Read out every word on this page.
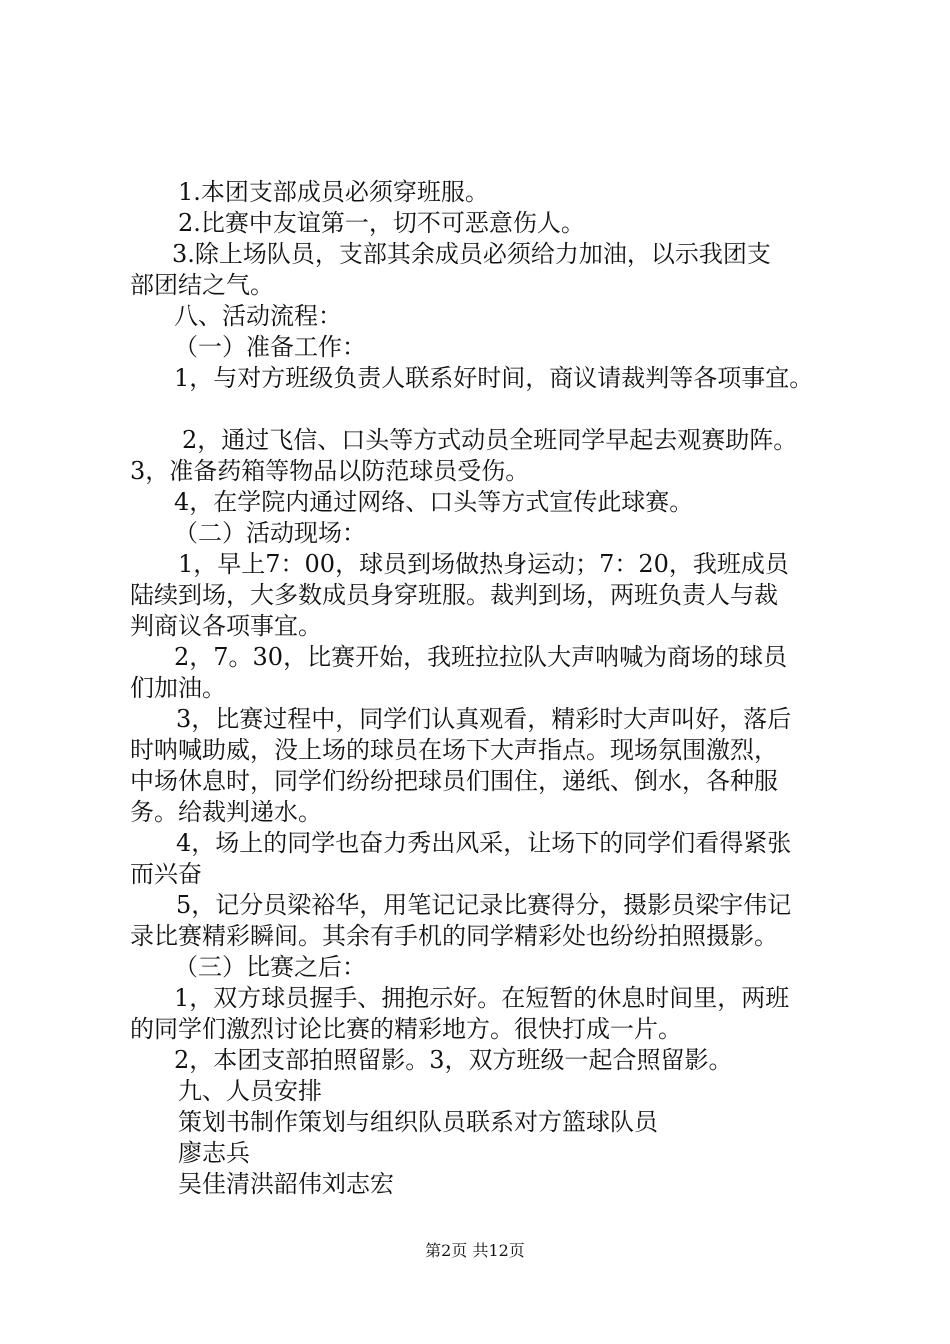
1.本团支部成员必须穿班服。
2.比赛中友谊第一，切不可恶意伤人。
3.除上场队员，支部其余成员必须给力加油，以示我团支
部团结之气。
八、活动流程：
（一）准备工作：
1，与对方班级负责人联系好时间，商议请裁判等各项事宜。
2，通过飞信、口头等方式动员全班同学早起去观赛助阵。
3，准备药箱等物品以防范球员受伤。
4，在学院内通过网络、口头等方式宣传此球赛。
（二）活动现场：
1，早上7：00，球员到场做热身运动；7：20，我班成员
陆续到场，大多数成员身穿班服。裁判到场，两班负责人与裁
判商议各项事宜。
2，7。30，比赛开始，我班拉拉队大声呐喊为商场的球员
们加油。
3，比赛过程中，同学们认真观看，精彩时大声叫好，落后
时呐喊助威，没上场的球员在场下大声指点。现场氛围激烈，
中场休息时，同学们纷纷把球员们围住，递纸、倒水，各种服
务。给裁判递水。
4，场上的同学也奋力秀出风采，让场下的同学们看得紧张
而兴奋
5，记分员梁裕华，用笔记记录比赛得分，摄影员梁宇伟记
录比赛精彩瞬间。其余有手机的同学精彩处也纷纷拍照摄影。
（三）比赛之后：
1，双方球员握手、拥抱示好。在短暂的休息时间里，两班
的同学们激烈讨论比赛的精彩地方。很快打成一片。
2，本团支部拍照留影。3，双方班级一起合照留影。
九、人员安排
策划书制作策划与组织队员联系对方篮球队员
廖志兵
吴佳清洪韶伟刘志宏
第2页 共12页
